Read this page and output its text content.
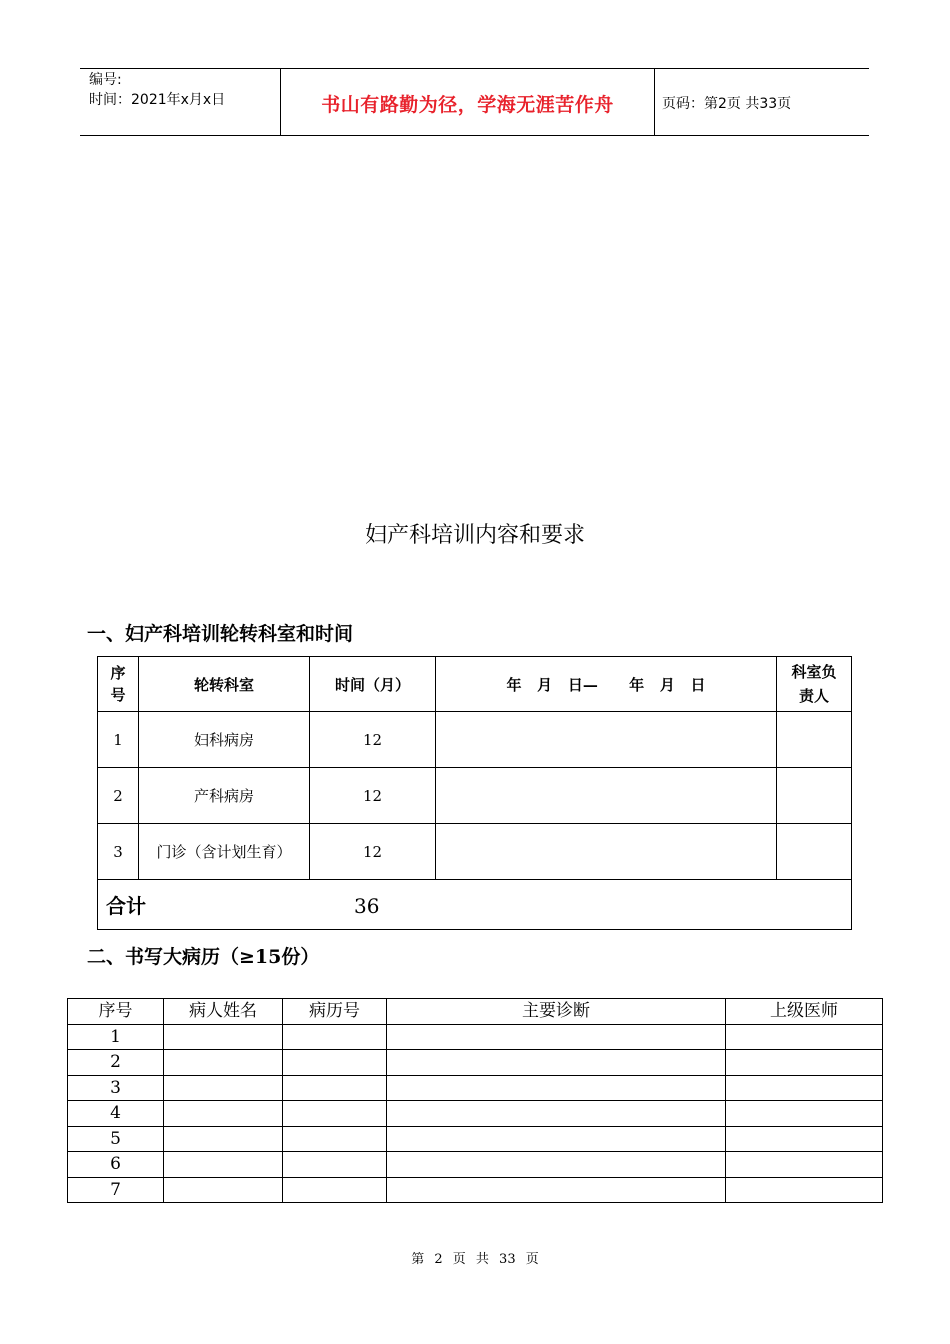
编号:
时间：2021年x月x日	书山有路勤为径，学海无涯苦作舟	页码：第2页 共33页
妇产科培训内容和要求
一、妇产科培训轮转科室和时间
序号	轮转科室	时间（月）	年   月   日—      年   月   日	科室负责人

1	妇科病房	12		
2	产科病房	12		
3	门诊（含计划生育）	12		
合计 36				
二、书写大病历（≥15份）
序号	病人姓名	病历号	主要诊断	上级医师
1				
2				
3				
4				
5				
6				
7				
第 2 页 共 33 页
